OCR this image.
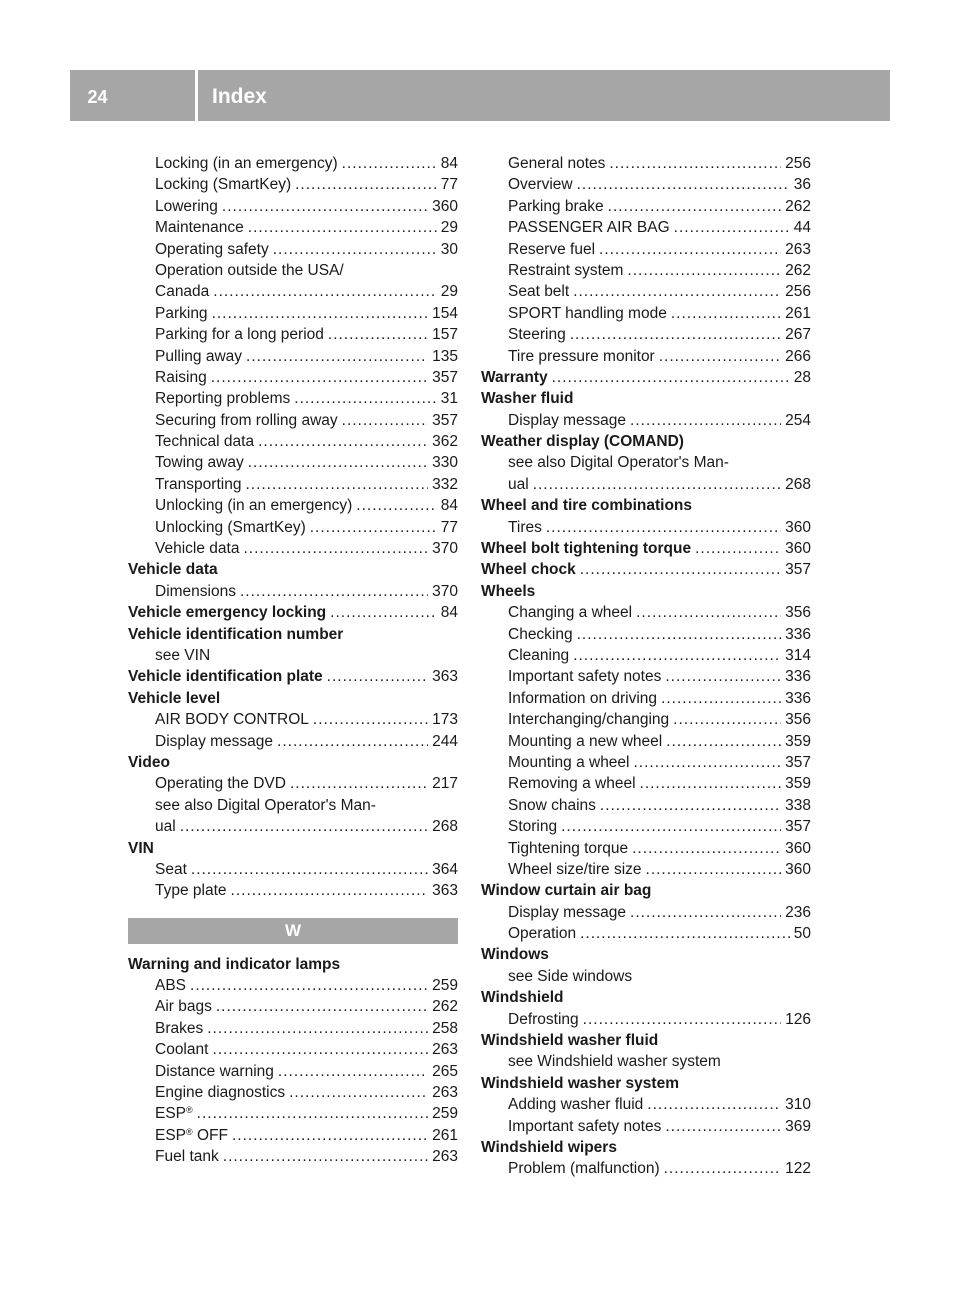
24	Index
Locking (in an emergency) .....	84
Locking (SmartKey) .....	77
Lowering .....	360
Maintenance .....	29
Operating safety .....	30
Operation outside the USA/
Canada .....	29
Parking .....	154
Parking for a long period .....	157
Pulling away .....	135
Raising .....	357
Reporting problems .....	31
Securing from rolling away .....	357
Technical data .....	362
Towing away .....	330
Transporting .....	332
Unlocking (in an emergency) .....	84
Unlocking (SmartKey) .....	77
Vehicle data .....	370
Vehicle data
Dimensions .....	370
Vehicle emergency locking .....	84
Vehicle identification number
see VIN
Vehicle identification plate .....	363
Vehicle level
AIR BODY CONTROL .....	173
Display message .....	244
Video
Operating the DVD .....	217
see also Digital Operator's Man-
ual .....	268
VIN
Seat .....	364
Type plate .....	363
W
Warning and indicator lamps
ABS .....	259
Air bags .....	262
Brakes .....	258
Coolant .....	263
Distance warning .....	265
Engine diagnostics .....	263
ESP® .....	259
ESP® OFF .....	261
Fuel tank .....	263
General notes .....	256
Overview .....	36
Parking brake .....	262
PASSENGER AIR BAG .....	44
Reserve fuel .....	263
Restraint system .....	262
Seat belt .....	256
SPORT handling mode .....	261
Steering .....	267
Tire pressure monitor .....	266
Warranty .....	28
Washer fluid
Display message .....	254
Weather display (COMAND)
see also Digital Operator's Man-
ual .....	268
Wheel and tire combinations
Tires .....	360
Wheel bolt tightening torque .....	360
Wheel chock .....	357
Wheels
Changing a wheel .....	356
Checking .....	336
Cleaning .....	314
Important safety notes .....	336
Information on driving .....	336
Interchanging/changing .....	356
Mounting a new wheel .....	359
Mounting a wheel .....	357
Removing a wheel .....	359
Snow chains .....	338
Storing .....	357
Tightening torque .....	360
Wheel size/tire size .....	360
Window curtain air bag
Display message .....	236
Operation .....	50
Windows
see Side windows
Windshield
Defrosting .....	126
Windshield washer fluid
see Windshield washer system
Windshield washer system
Adding washer fluid .....	310
Important safety notes .....	369
Windshield wipers
Problem (malfunction) .....	122
